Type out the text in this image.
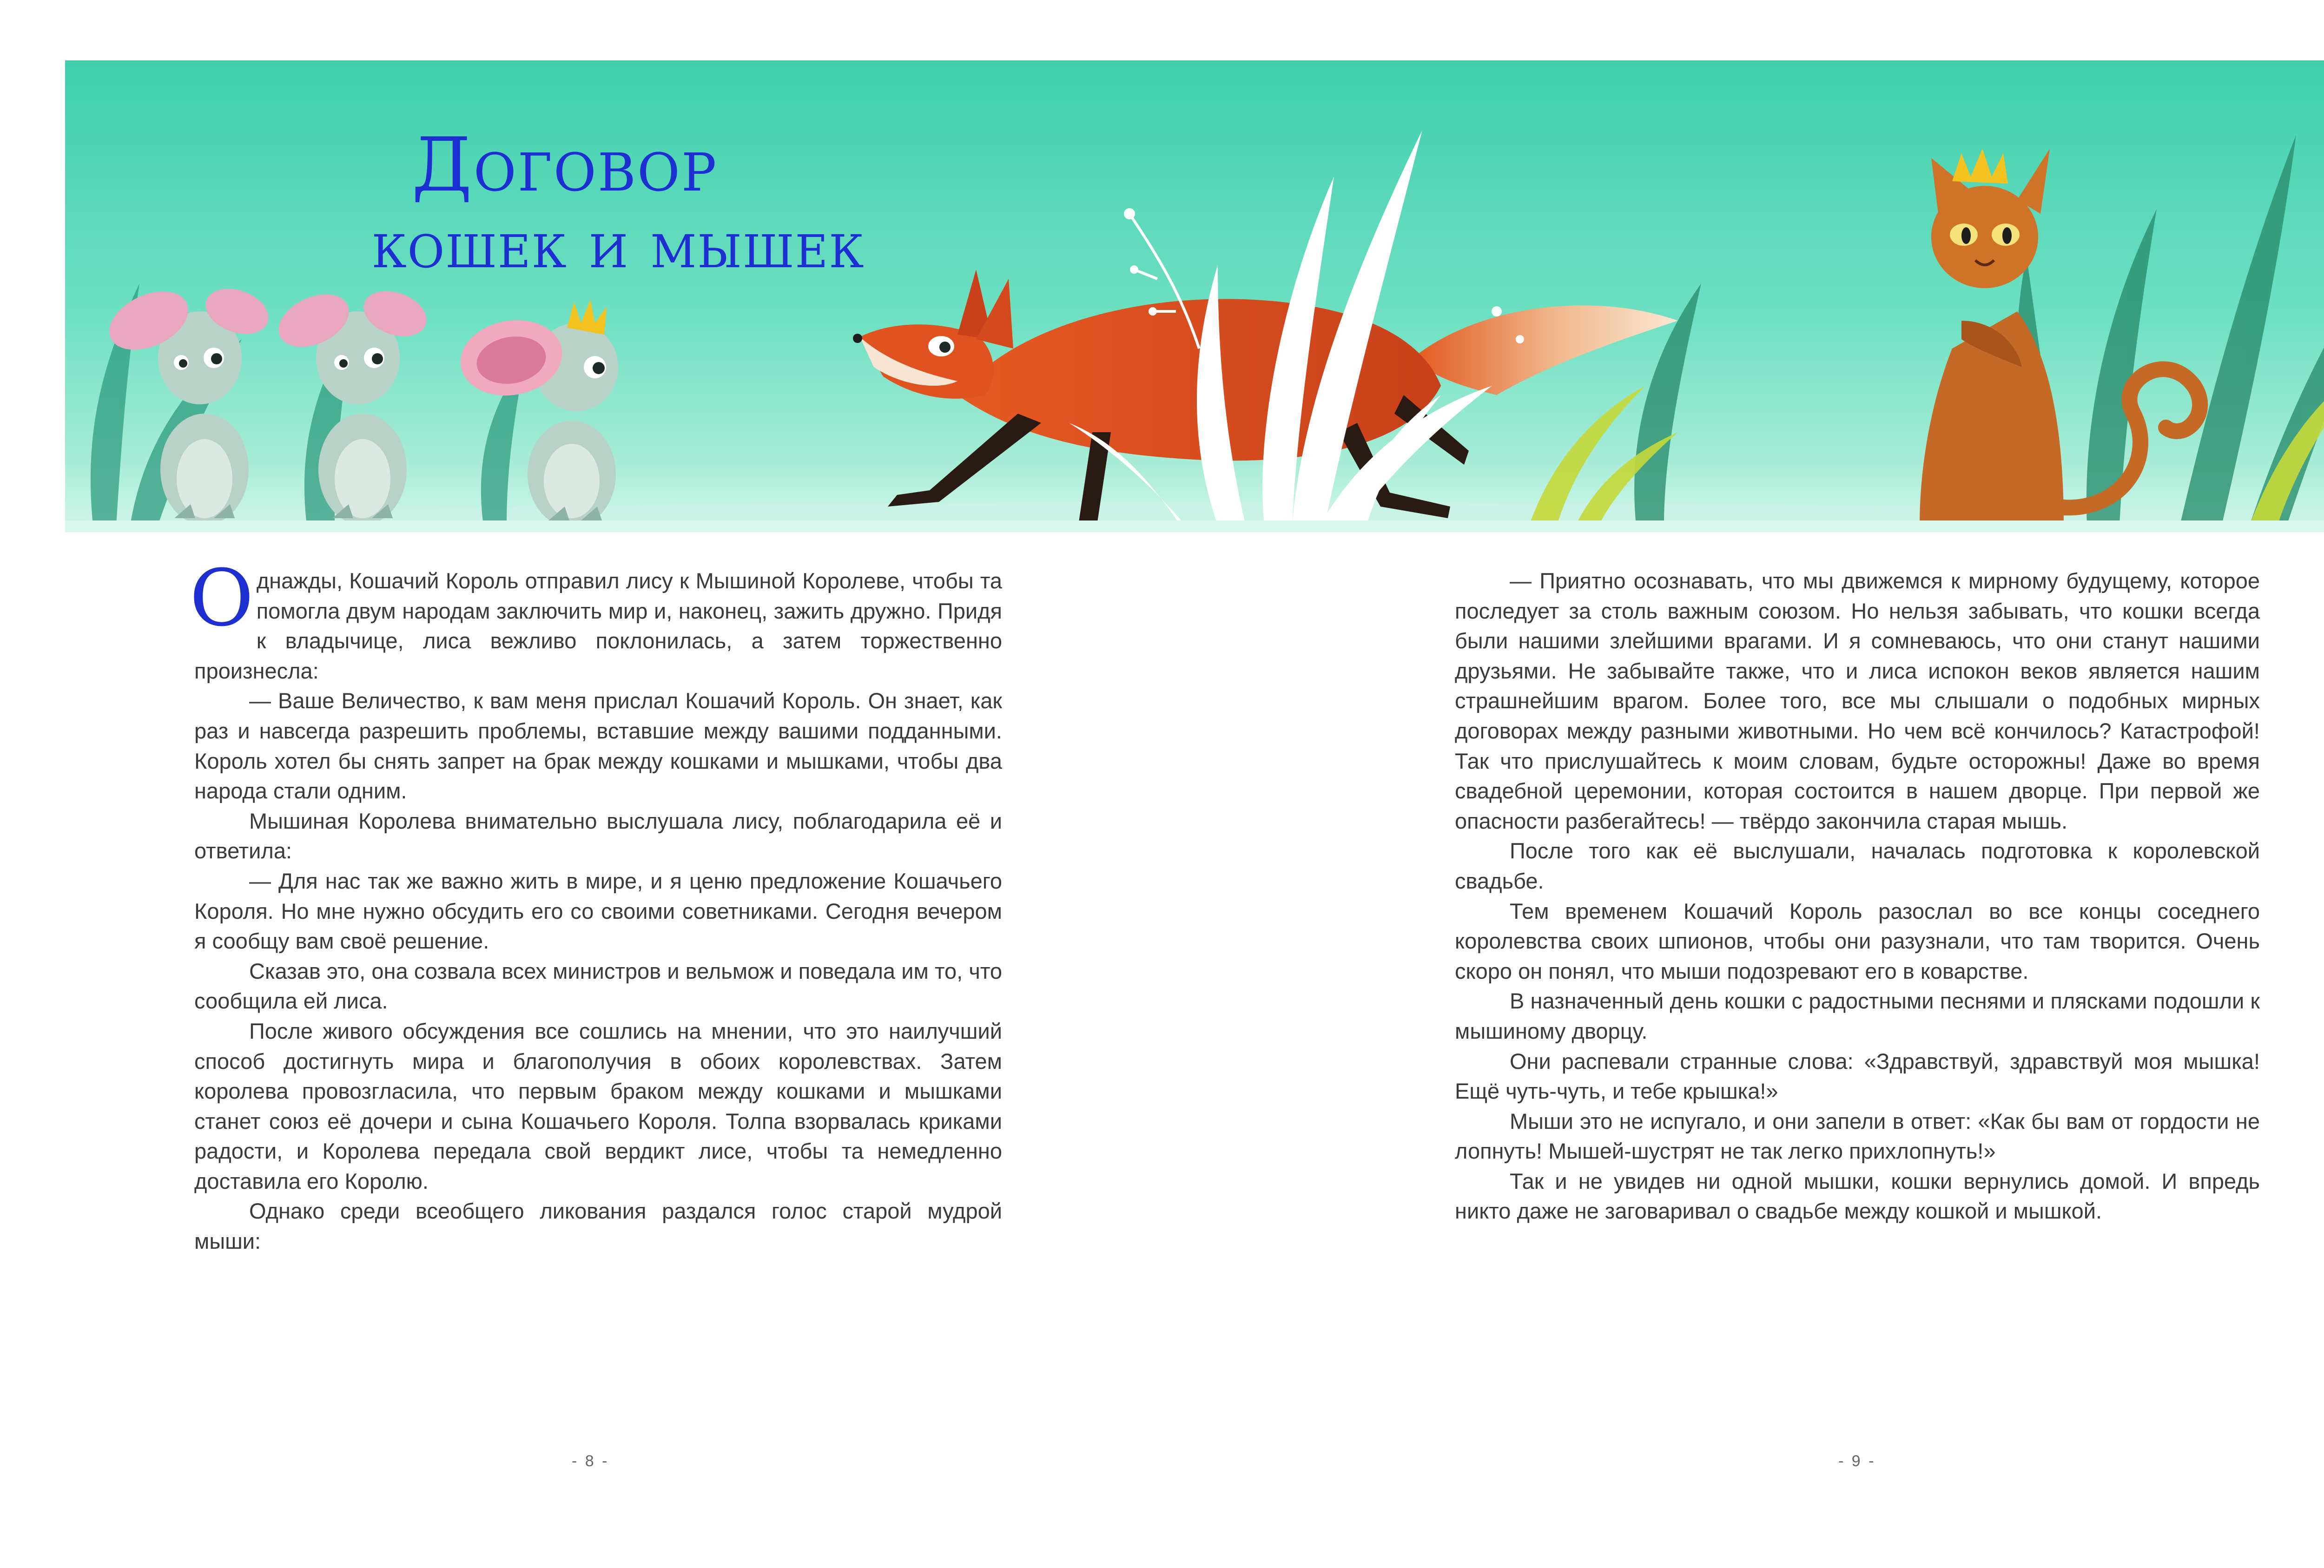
Договор
кошек и мышек

Однажды, Кошачий Король отправил лису к Мышиной Королеве, чтобы та помогла двум народам заключить мир и, наконец, зажить дружно. Придя к владычице, лиса вежливо поклонилась, а затем торжественно произнесла:

— Ваше Величество, к вам меня прислал Кошачий Король. Он знает, как раз и навсегда разрешить проблемы, вставшие между вашими подданными. Король хотел бы снять запрет на брак между кошками и мышками, чтобы два народа стали одним.

Мышиная Королева внимательно выслушала лису, поблагодарила её и ответила:

— Для нас так же важно жить в мире, и я ценю предложение Кошачьего Короля. Но мне нужно обсудить его со своими советниками. Сегодня вечером я сообщу вам своё решение.

Сказав это, она созвала всех министров и вельмож и поведала им то, что сообщила ей лиса.

После живого обсуждения все сошлись на мнении, что это наилучший способ достигнуть мира и благополучия в обоих королевствах. Затем королева провозгласила, что первым браком между кошками и мышками станет союз её дочери и сына Кошачьего Короля. Толпа взорвалась криками радости, и Королева передала свой вердикт лисе, чтобы та немедленно доставила его Королю.

Однако среди всеобщего ликования раздался голос старой мудрой мыши:

— Приятно осознавать, что мы движемся к мирному будущему, которое последует за столь важным союзом. Но нельзя забывать, что кошки всегда были нашими злейшими врагами. И я сомневаюсь, что они станут нашими друзьями. Не забывайте также, что и лиса испокон веков является нашим страшнейшим врагом. Более того, все мы слышали о подобных мирных договорах между разными животными. Но чем всё кончилось? Катастрофой! Так что прислушайтесь к моим словам, будьте осторожны! Даже во время свадебной церемонии, которая состоится в нашем дворце. При первой же опасности разбегайтесь! — твёрдо закончила старая мышь.

После того как её выслушали, началась подготовка к королевской свадьбе.

Тем временем Кошачий Король разослал во все концы соседнего королевства своих шпионов, чтобы они разузнали, что там творится. Очень скоро он понял, что мыши подозревают его в коварстве.

В назначенный день кошки с радостными песнями и плясками подошли к мышиному дворцу.

Они распевали странные слова: «Здравствуй, здравствуй моя мышка! Ещё чуть-чуть, и тебе крышка!»

Мыши это не испугало, и они запели в ответ: «Как бы вам от гордости не лопнуть! Мышей-шустрят не так легко прихлопнуть!»

Так и не увидев ни одной мышки, кошки вернулись домой. И впредь никто даже не заговаривал о свадьбе между кошкой и мышкой.

- 8 -	- 9 -
